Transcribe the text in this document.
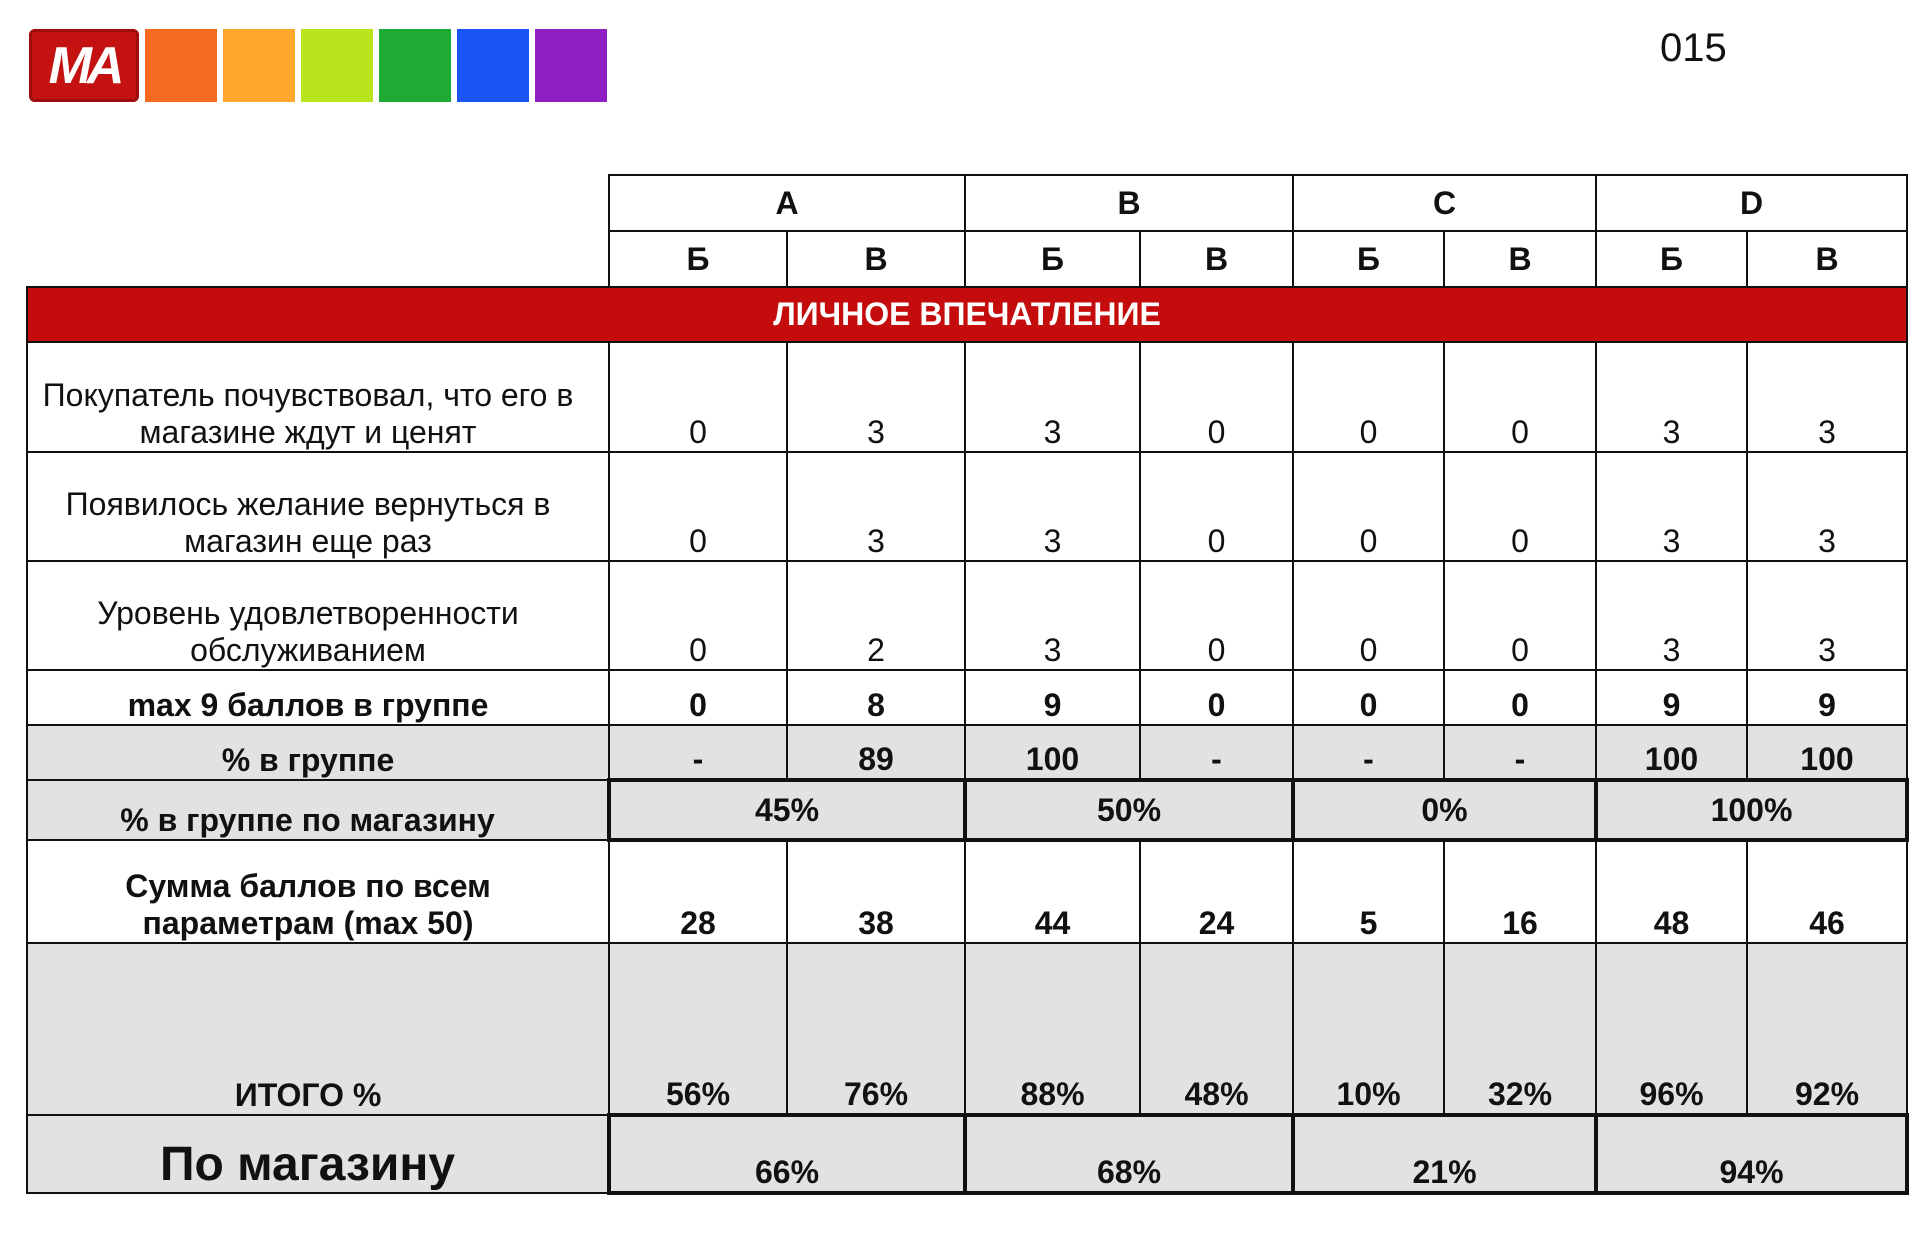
MA	015
	A		B		C		D	
	Б	В	Б	В	Б	В	Б	В
ЛИЧНОЕ ВПЕЧАТЛЕНИЕ								
Покупатель почувствовал, что его в магазине ждут и ценят	0	3	3	0	0	0	3	3
Появилось желание вернуться в магазин еще раз	0	3	3	0	0	0	3	3
Уровень удовлетворенности обслуживанием	0	2	3	0	0	0	3	3
max 9 баллов в группе	0	8	9	0	0	0	9	9
% в группе	-	89	100	-	-	-	100	100
% в группе по магазину	45%		50%		0%		100%	
Сумма баллов по всем параметрам (max 50)	28	38	44	24	5	16	48	46
ИТОГО %	56%	76%	88%	48%	10%	32%	96%	92%
По магазину	66%		68%		21%		94%	
